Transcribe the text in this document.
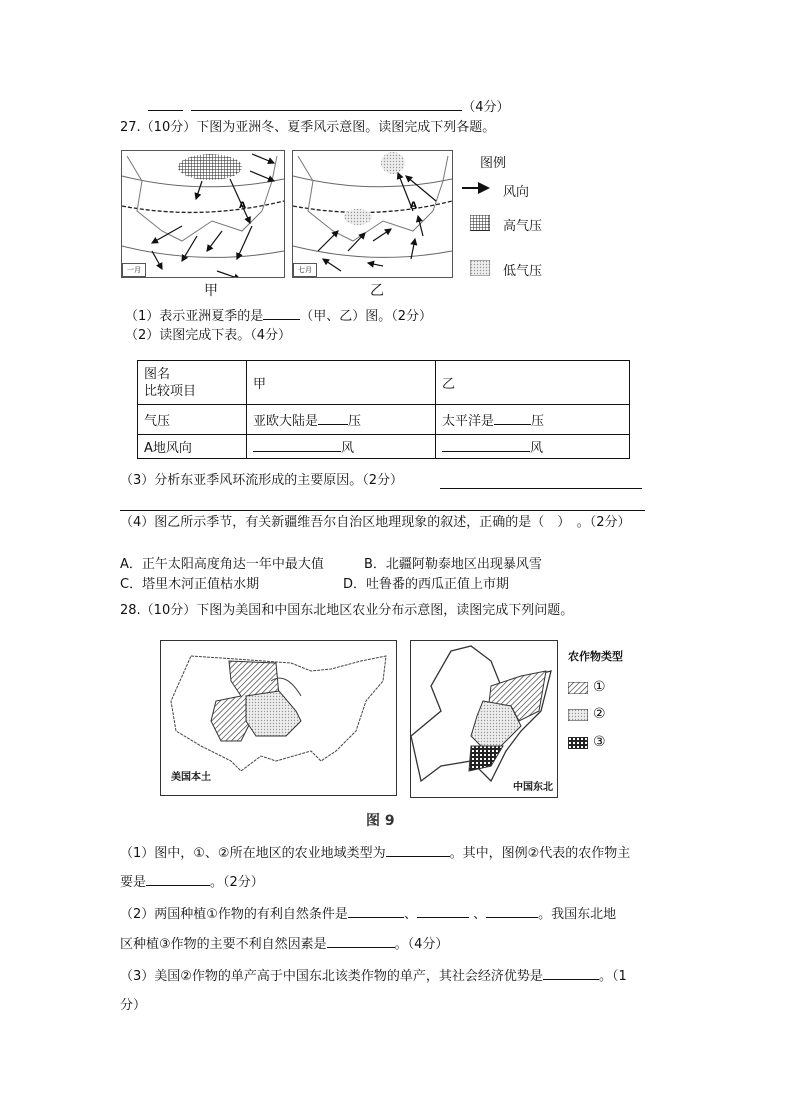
（4分）
27.（10分）下图为亚洲冬、夏季风示意图。读图完成下列各题。
A
一月
甲
A
七月
乙
图例
风向
高气压
低气压
（1）表示亚洲夏季的是	（甲、乙）图。（2分）
（2）读图完成下表。（4分）
图名
比较项目	甲	乙
气压	亚欧大陆是 压	太平洋是 压
A地风向	风	风
（3）分析东亚季风环流形成的主要原因。（2分）
（4）图乙所示季节，有关新疆维吾尔自治区地理现象的叙述，正确的是（　）　。（2分）
A．正午太阳高度角达一年中最大值	B．北疆阿勒泰地区出现暴风雪
C．塔里木河正值枯水期	D．吐鲁番的西瓜正值上市期
28.（10分）下图为美国和中国东北地区农业分布示意图，读图完成下列问题。
美国本土
中国东北
农作物类型
①
②
③
图 9
（1）图中，①、②所在地区的农业地域类型为	。其中，图例②代表的农作物主
要是	。（2分）
（2）两国种植①作物的有利自然条件是	、	、	。我国东北地
区种植③作物的主要不利自然因素是	。（4分）
（3）美国②作物的单产高于中国东北该类作物的单产，其社会经济优势是	。（1
分）
